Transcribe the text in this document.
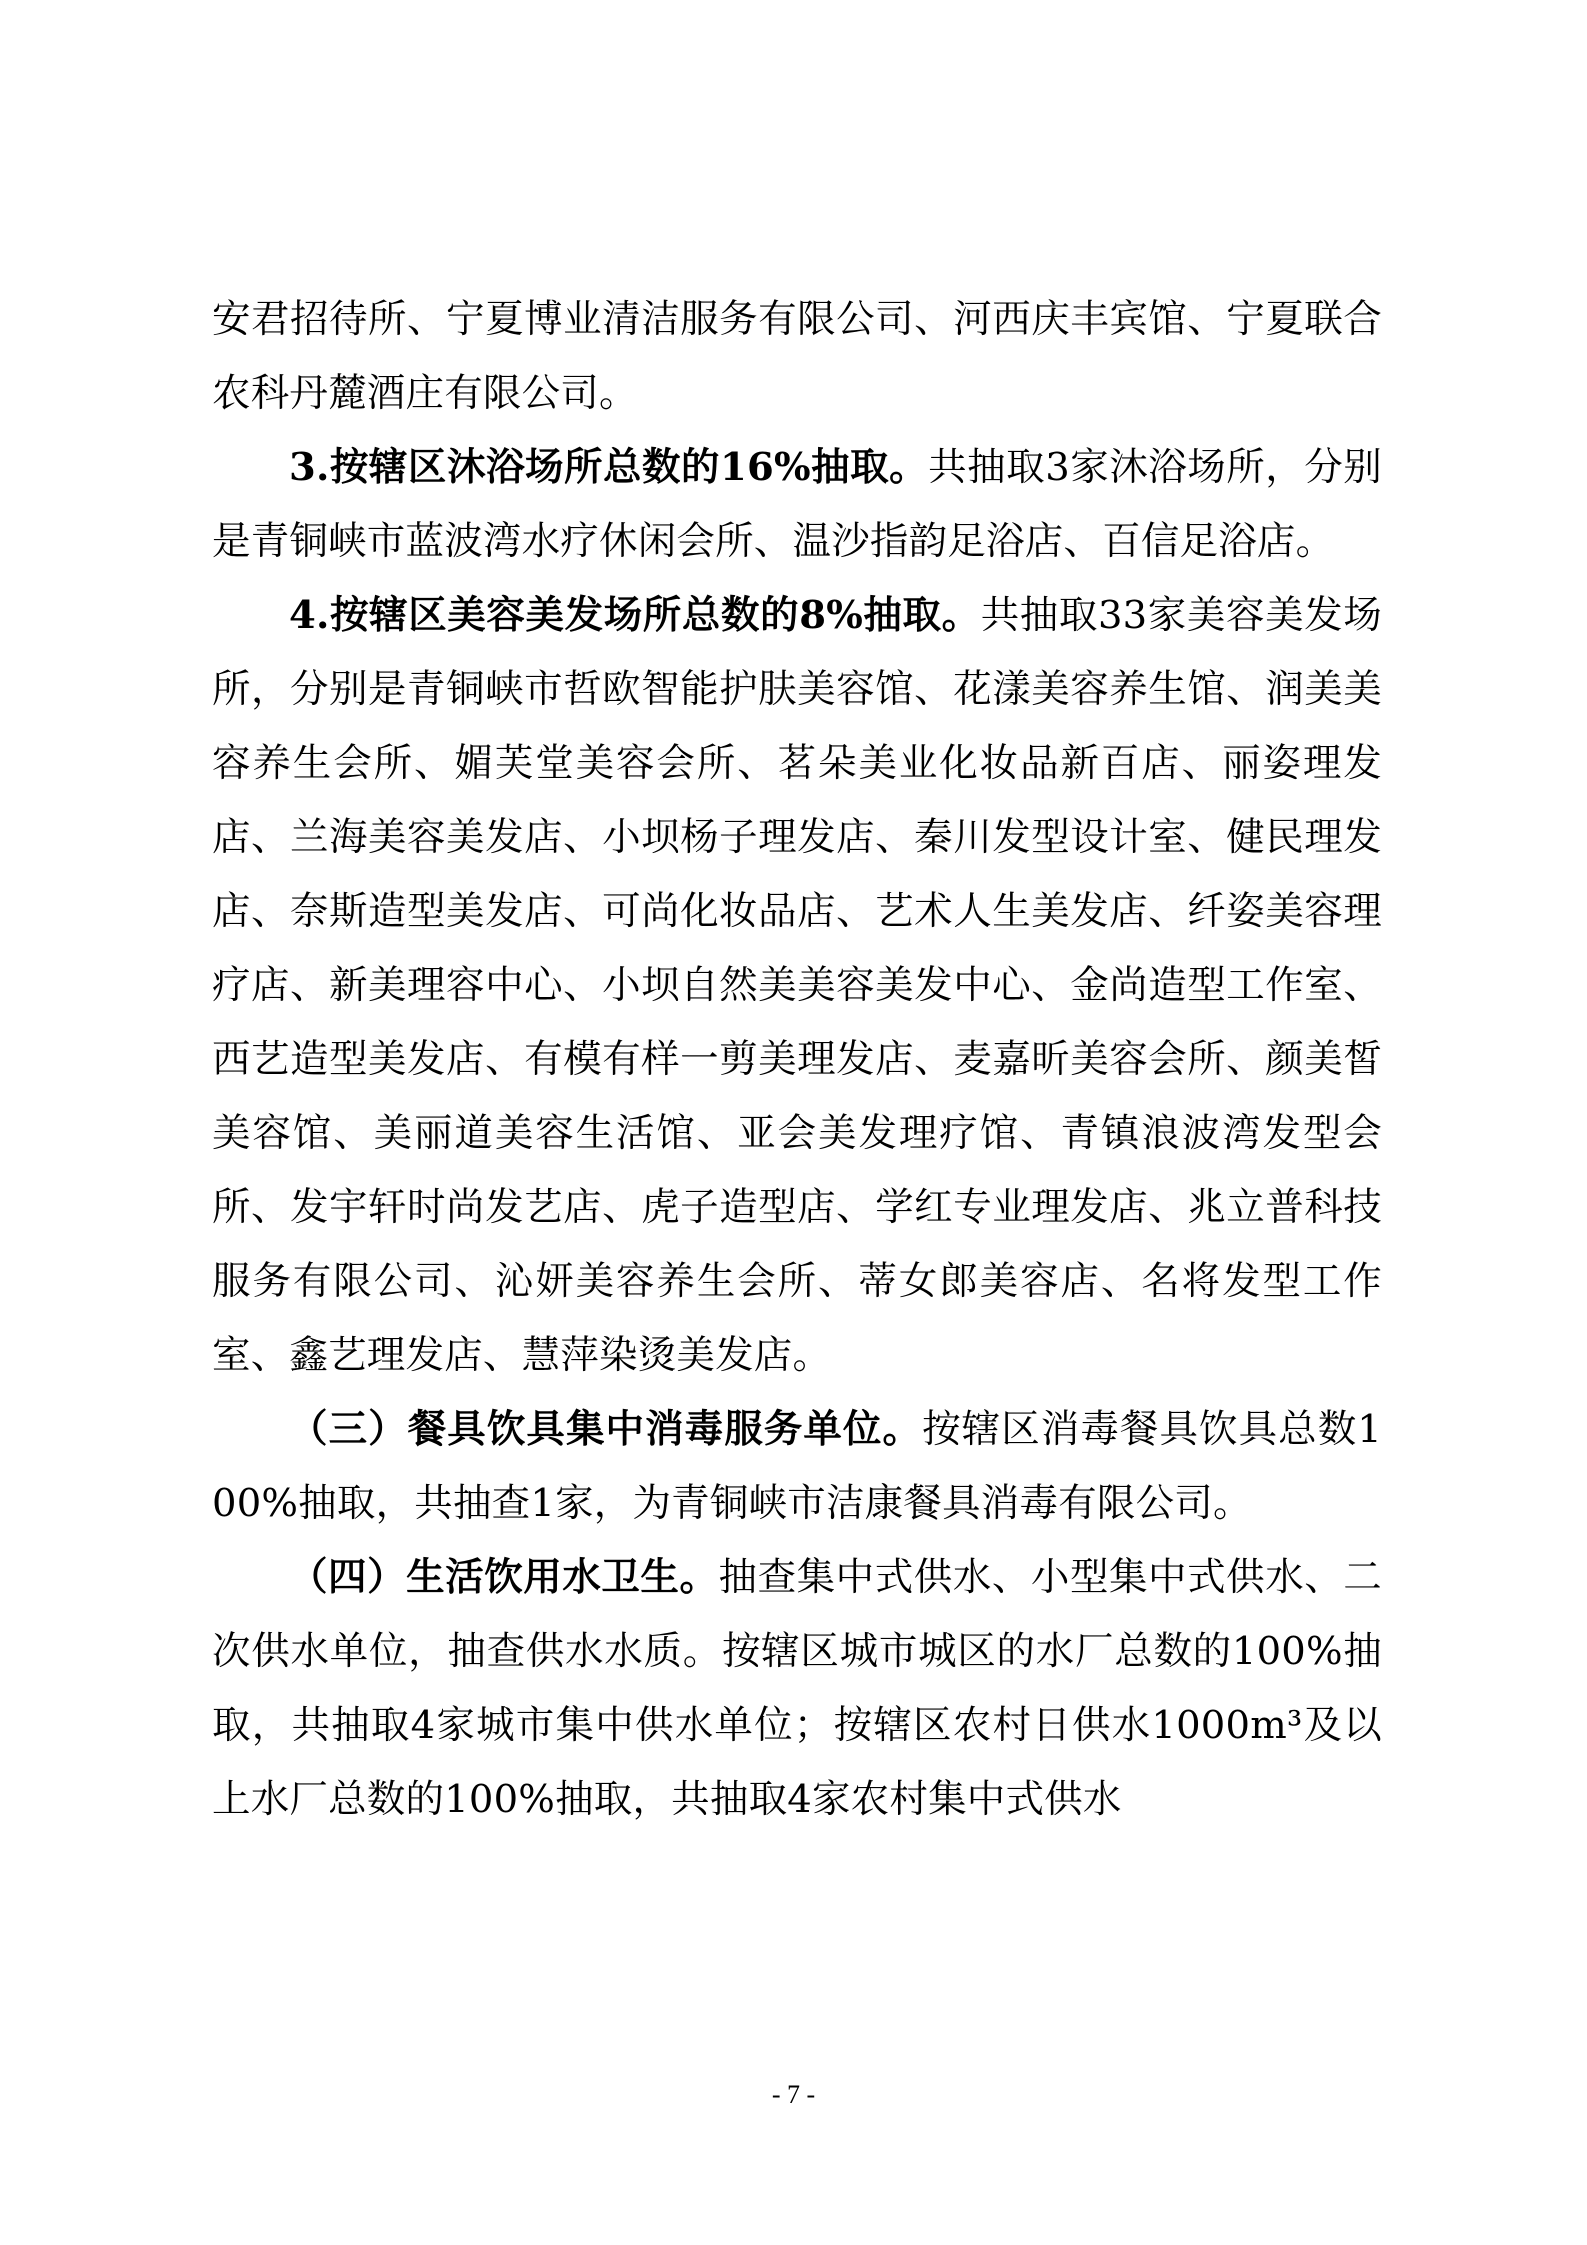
安君招待所、宁夏博业清洁服务有限公司、河西庆丰宾馆、宁夏联合农科丹麓酒庄有限公司。

3.按辖区沐浴场所总数的16%抽取。共抽取3家沐浴场所，分别是青铜峡市蓝波湾水疗休闲会所、温沙指韵足浴店、百信足浴店。

4.按辖区美容美发场所总数的8%抽取。共抽取33家美容美发场所，分别是青铜峡市哲欧智能护肤美容馆、花漾美容养生馆、润美美容养生会所、媚芙堂美容会所、茗朵美业化妆品新百店、丽姿理发店、兰海美容美发店、小坝杨子理发店、秦川发型设计室、健民理发店、奈斯造型美发店、可尚化妆品店、艺术人生美发店、纤姿美容理疗店、新美理容中心、小坝自然美美容美发中心、金尚造型工作室、西艺造型美发店、有模有样一剪美理发店、麦嘉昕美容会所、颜美皙美容馆、美丽道美容生活馆、亚会美发理疗馆、青镇浪波湾发型会所、发宇轩时尚发艺店、虎子造型店、学红专业理发店、兆立普科技服务有限公司、沁妍美容养生会所、蒂女郎美容店、名将发型工作室、鑫艺理发店、慧萍染烫美发店。

（三）餐具饮具集中消毒服务单位。按辖区消毒餐具饮具总数100%抽取，共抽查1家，为青铜峡市洁康餐具消毒有限公司。

（四）生活饮用水卫生。抽查集中式供水、小型集中式供水、二次供水单位，抽查供水水质。按辖区城市城区的水厂总数的100%抽取，共抽取4家城市集中供水单位；按辖区农村日供水1000m³及以上水厂总数的100%抽取，共抽取4家农村集中式供水

- 7 -
